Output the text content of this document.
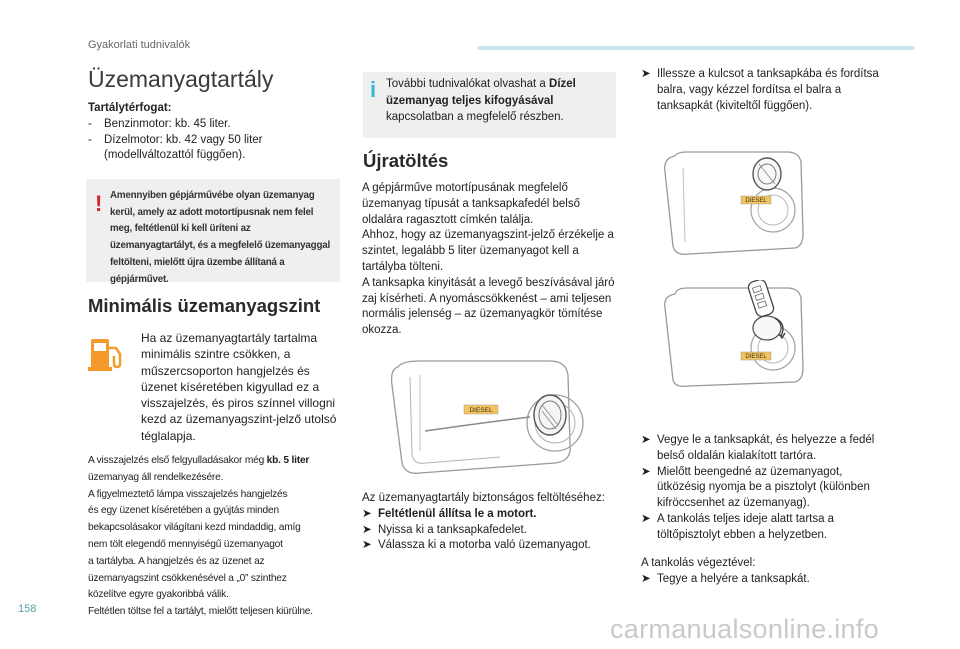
Gyakorlati tudnivalók
158
Üzemanyagtartály
Tartálytérfogat:
- Benzinmotor: kb. 45 liter.
- Dízelmotor: kb. 42 vagy 50 liter (modellváltozattól függően).
! Amennyiben gépjárművébe olyan üzemanyag kerül, amely az adott motortípusnak nem felel meg, feltétlenül ki kell üríteni az üzemanyagtartályt, és a megfelelő üzemanyaggal feltölteni, mielőtt újra üzembe állítaná a gépjárművet.
Minimális üzemanyagszint
Ha az üzemanyagtartály tartalma minimális szintre csökken, a műszercsoporton hangjelzés és üzenet kíséretében kigyullad ez a visszajelzés, és piros színnel villogni kezd az üzemanyagszint-jelző utolsó téglalapja.
A visszajelzés első felgyulladásakor még kb. 5 liter
üzemanyag áll rendelkezésére.
A figyelmeztető lámpa visszajelzés hangjelzés
és egy üzenet kíséretében a gyújtás minden
bekapcsolásakor világítani kezd mindaddig, amíg
nem tölt elegendő mennyiségű üzemanyagot
a tartályba. A hangjelzés és az üzenet az
üzemanyagszint csökkenésével a „0” szinthez
közelítve egyre gyakoribbá válik.
Feltétlen töltse fel a tartályt, mielőtt teljesen kiürülne.
i További tudnivalókat olvashat a Dízel üzemanyag teljes kifogyásával kapcsolatban a megfelelő részben.
Újratöltés
A gépjárműve motortípusának megfelelő üzemanyag típusát a tanksapkafedél belső oldalára ragasztott címkén találja.
Ahhoz, hogy az üzemanyagszint-jelző érzékelje a szintet, legalább 5 liter üzemanyagot kell a tartályba tölteni.
A tanksapka kinyitását a levegő beszívásával járó zaj kísérheti. A nyomáscsökkenést – ami teljesen normális jelenség – az üzemanyagkör tömítése okozza.
DIESEL
Az üzemanyagtartály biztonságos feltöltéséhez:
➤ Feltétlenül állítsa le a motort.
➤ Nyissa ki a tanksapkafedelet.
➤ Válassza ki a motorba való üzemanyagot.
➤ Illessze a kulcsot a tanksapkába és fordítsa balra, vagy kézzel fordítsa el balra a tanksapkát (kiviteltől függően).
DIESEL
DIESEL
➤ Vegye le a tanksapkát, és helyezze a fedél belső oldalán kialakított tartóra.
➤ Mielőtt beengedné az üzemanyagot, ütközésig nyomja be a pisztolyt (különben kifröccsenhet az üzemanyag).
➤ A tankolás teljes ideje alatt tartsa a töltőpisztolyt ebben a helyzetben.
A tankolás végeztével:
➤ Tegye a helyére a tanksapkát.
carmanualsonline.info
